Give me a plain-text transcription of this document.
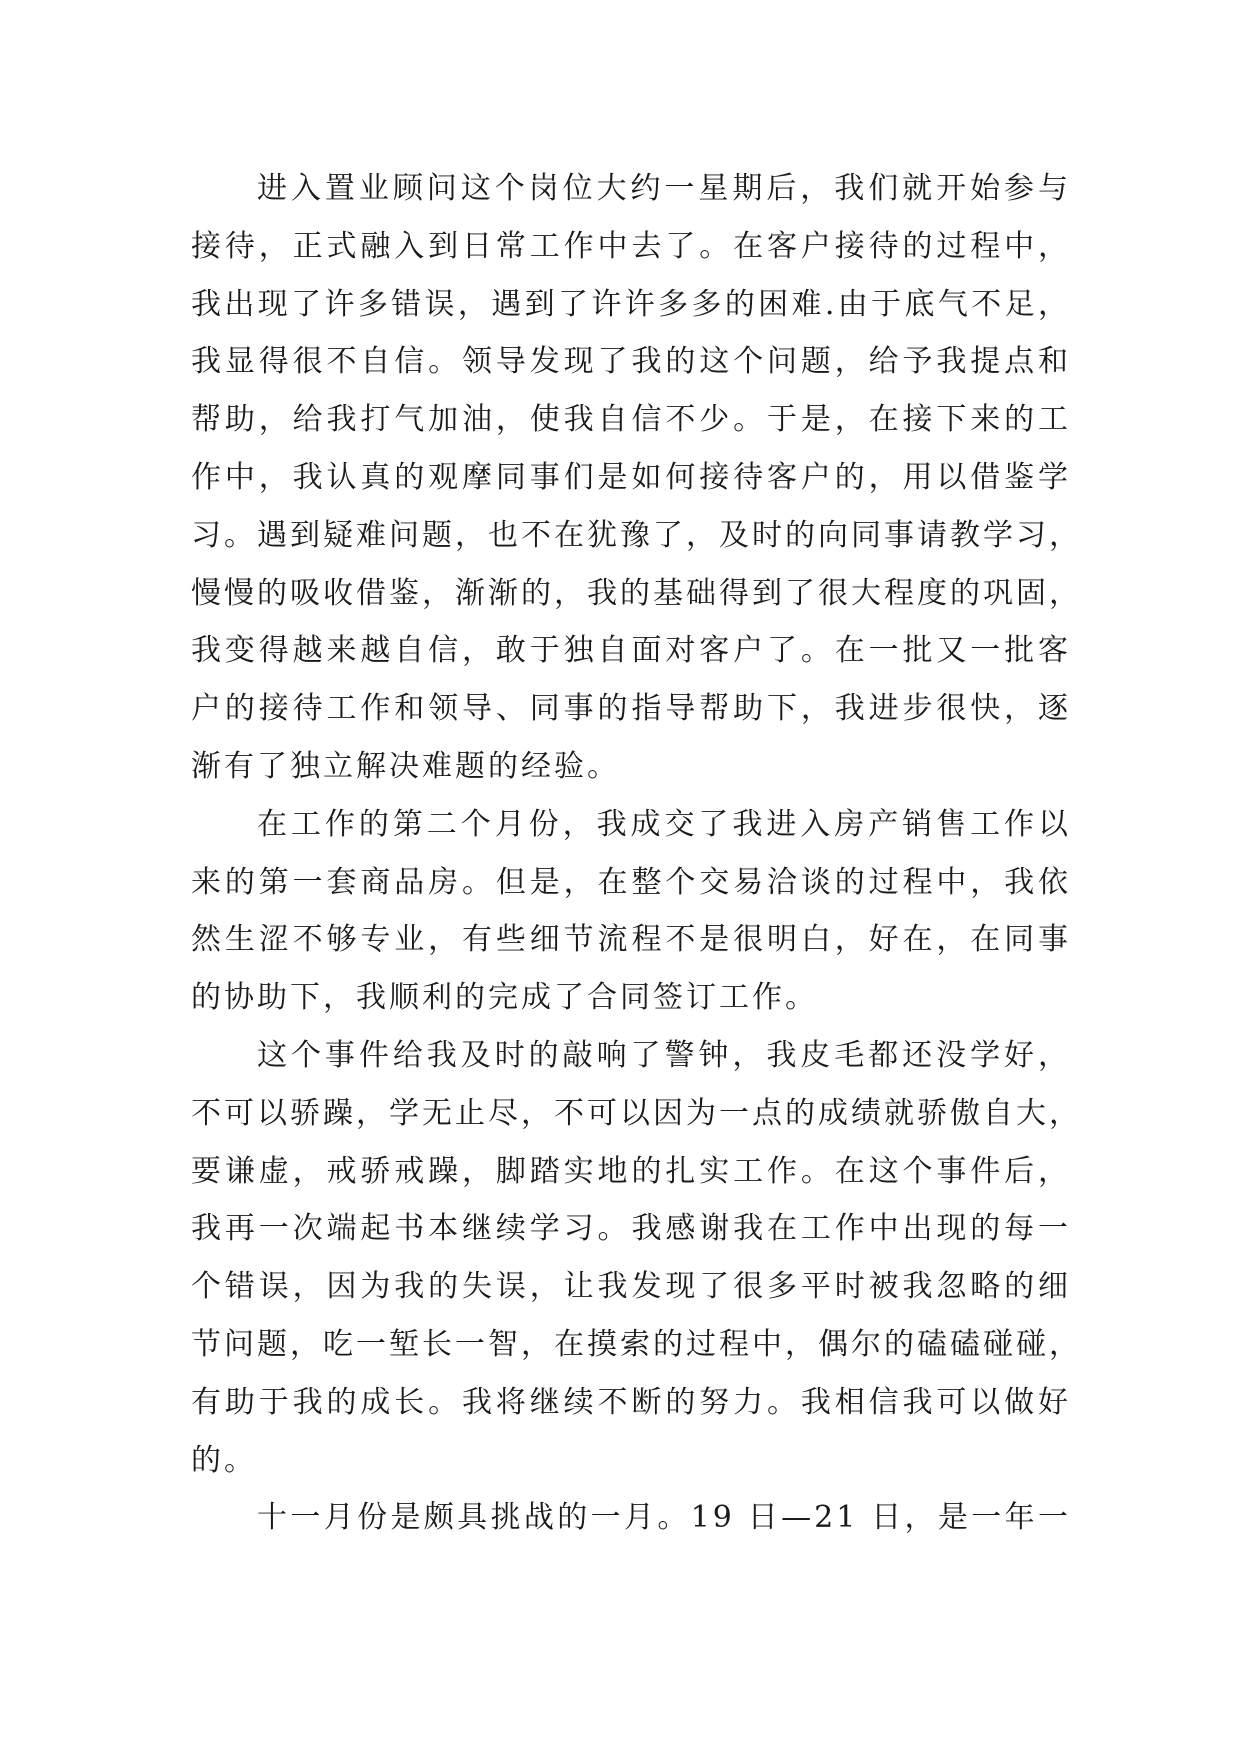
进入置业顾问这个岗位大约一星期后，我们就开始参与
接待，正式融入到日常工作中去了。在客户接待的过程中，
我出现了许多错误，遇到了许许多多的困难.由于底气不足，
我显得很不自信。领导发现了我的这个问题，给予我提点和
帮助，给我打气加油，使我自信不少。于是，在接下来的工
作中，我认真的观摩同事们是如何接待客户的，用以借鉴学
习。遇到疑难问题，也不在犹豫了，及时的向同事请教学习，
慢慢的吸收借鉴，渐渐的，我的基础得到了很大程度的巩固，
我变得越来越自信，敢于独自面对客户了。在一批又一批客
户的接待工作和领导、同事的指导帮助下，我进步很快，逐
渐有了独立解决难题的经验。
在工作的第二个月份，我成交了我进入房产销售工作以
来的第一套商品房。但是，在整个交易洽谈的过程中，我依
然生涩不够专业，有些细节流程不是很明白，好在，在同事
的协助下，我顺利的完成了合同签订工作。
这个事件给我及时的敲响了警钟，我皮毛都还没学好，
不可以骄躁，学无止尽，不可以因为一点的成绩就骄傲自大，
要谦虚，戒骄戒躁，脚踏实地的扎实工作。在这个事件后，
我再一次端起书本继续学习。我感谢我在工作中出现的每一
个错误，因为我的失误，让我发现了很多平时被我忽略的细
节问题，吃一堑长一智，在摸索的过程中，偶尔的磕磕碰碰，
有助于我的成长。我将继续不断的努力。我相信我可以做好
的。
十一月份是颇具挑战的一月。19 日—21 日，是一年一
